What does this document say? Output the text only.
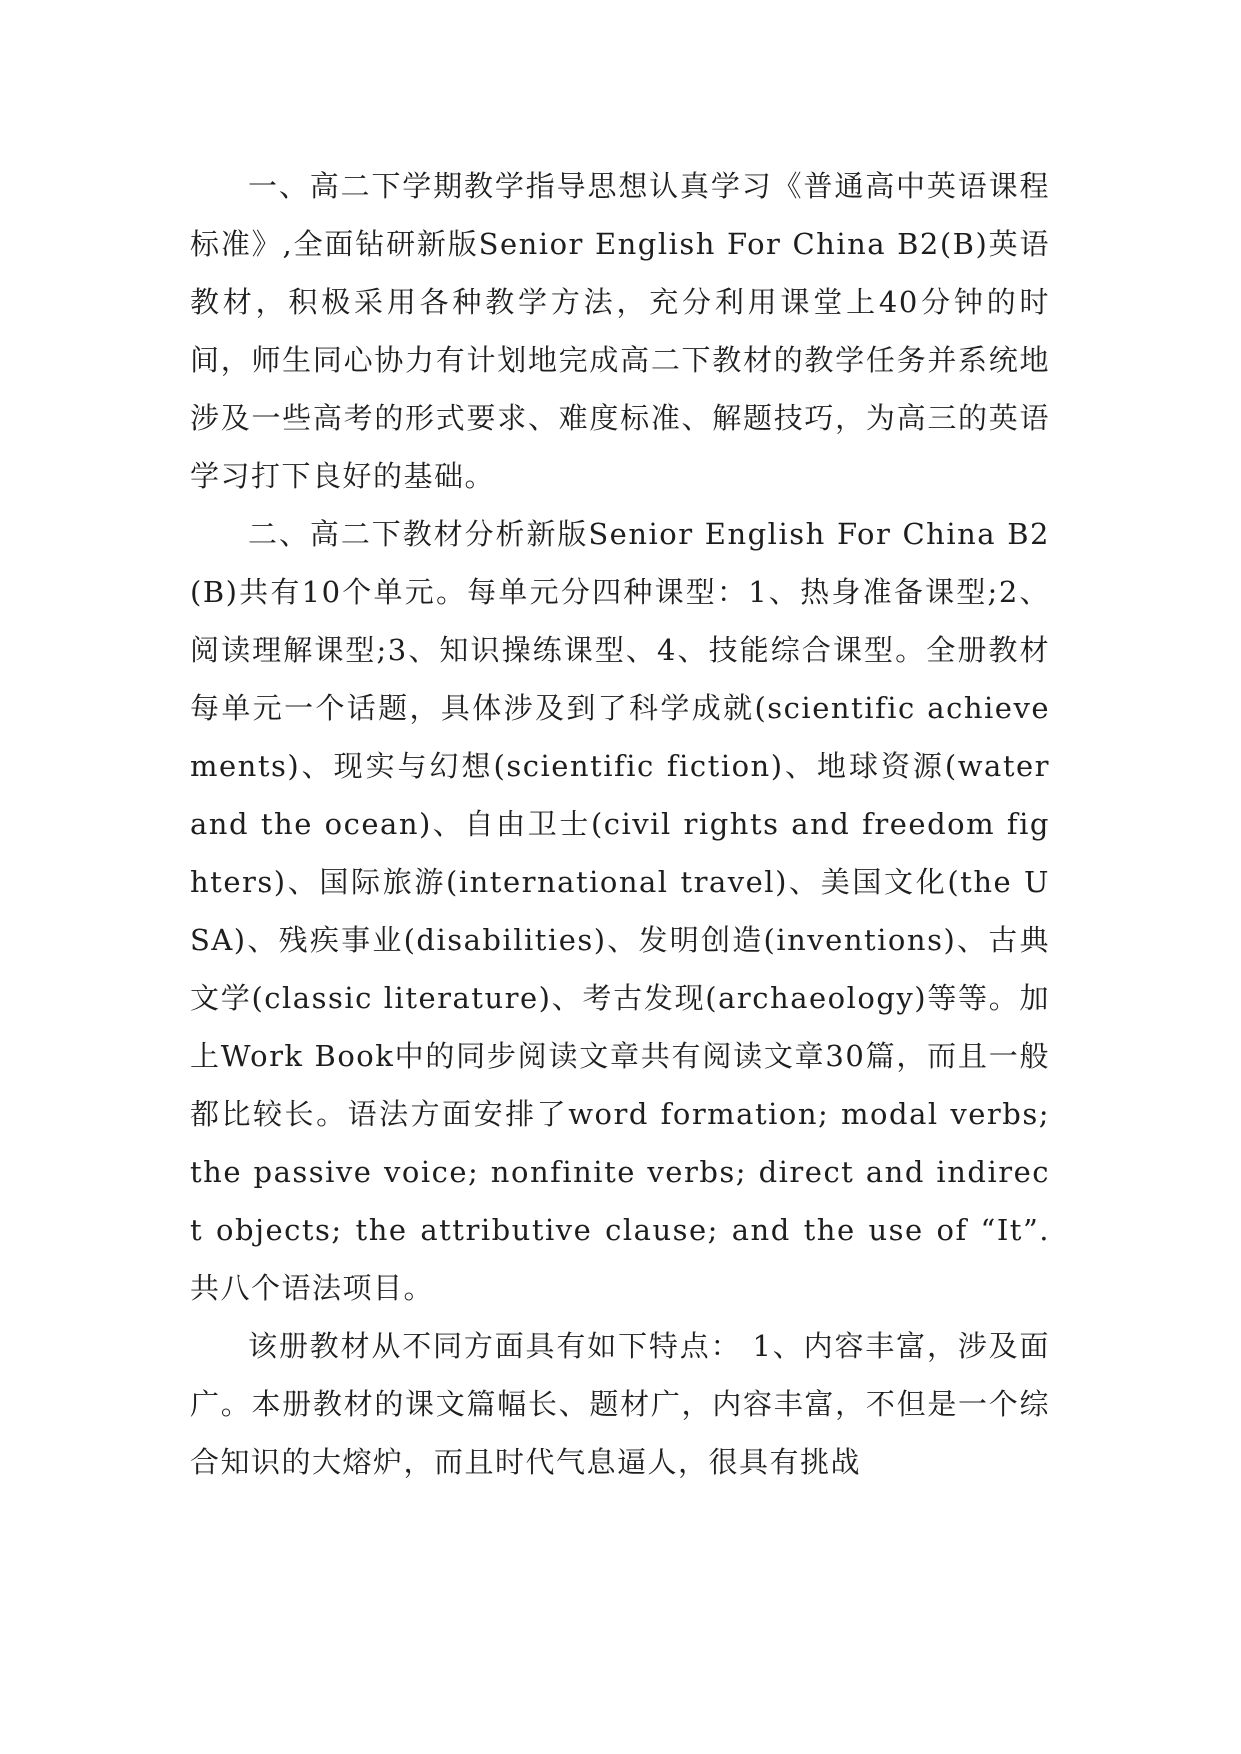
一、高二下学期教学指导思想认真学习《普通高中英语课程标准》,全面钻研新版Senior English For China B2(B)英语教材，积极采用各种教学方法，充分利用课堂上40分钟的时间，师生同心协力有计划地完成高二下教材的教学任务并系统地涉及一些高考的形式要求、难度标准、解题技巧，为高三的英语学习打下良好的基础。

二、高二下教材分析新版Senior English For China B2(B)共有10个单元。每单元分四种课型：1、热身准备课型;2、阅读理解课型;3、知识操练课型、4、技能综合课型。全册教材每单元一个话题，具体涉及到了科学成就(scientific achievements)、现实与幻想(scientific fiction)、地球资源(water and the ocean)、自由卫士(civil rights and freedom fighters)、国际旅游(international travel)、美国文化(the USA)、残疾事业(disabilities)、发明创造(inventions)、古典文学(classic literature)、考古发现(archaeology)等等。加上Work Book中的同步阅读文章共有阅读文章30篇，而且一般都比较长。语法方面安排了word formation; modal verbs; the passive voice; nonfinite verbs; direct and indirect objects; the attributive clause; and the use of “It”. 共八个语法项目。

该册教材从不同方面具有如下特点： 1、内容丰富，涉及面广。本册教材的课文篇幅长、题材广，内容丰富，不但是一个综合知识的大熔炉，而且时代气息逼人，很具有挑战
